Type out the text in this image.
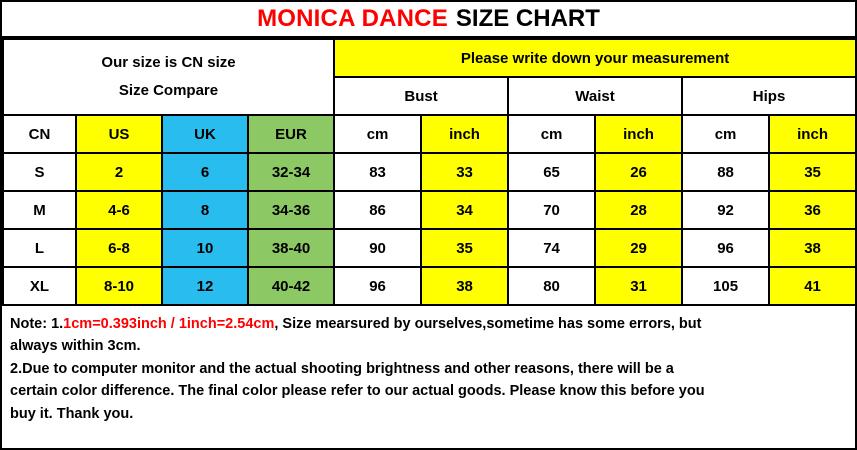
MONICA DANCE SIZE CHART
Our size is CN size
Size Compare				Please write down your measurement					
				Bust		Waist		Hips	
CN	US	UK	EUR	cm	inch	cm	inch	cm	inch
S	2	6	32-34	83	33	65	26	88	35
M	4-6	8	34-36	86	34	70	28	92	36
L	6-8	10	38-40	90	35	74	29	96	38
XL	8-10	12	40-42	96	38	80	31	105	41

Note: 1.1cm=0.393inch / 1inch=2.54cm, Size mearsured by ourselves,sometime has some errors, but

always within 3cm.

2.Due to computer monitor and the actual shooting brightness and other reasons, there will be a

certain color difference. The final color please refer to our actual goods. Please know this before you

buy it. Thank you.
